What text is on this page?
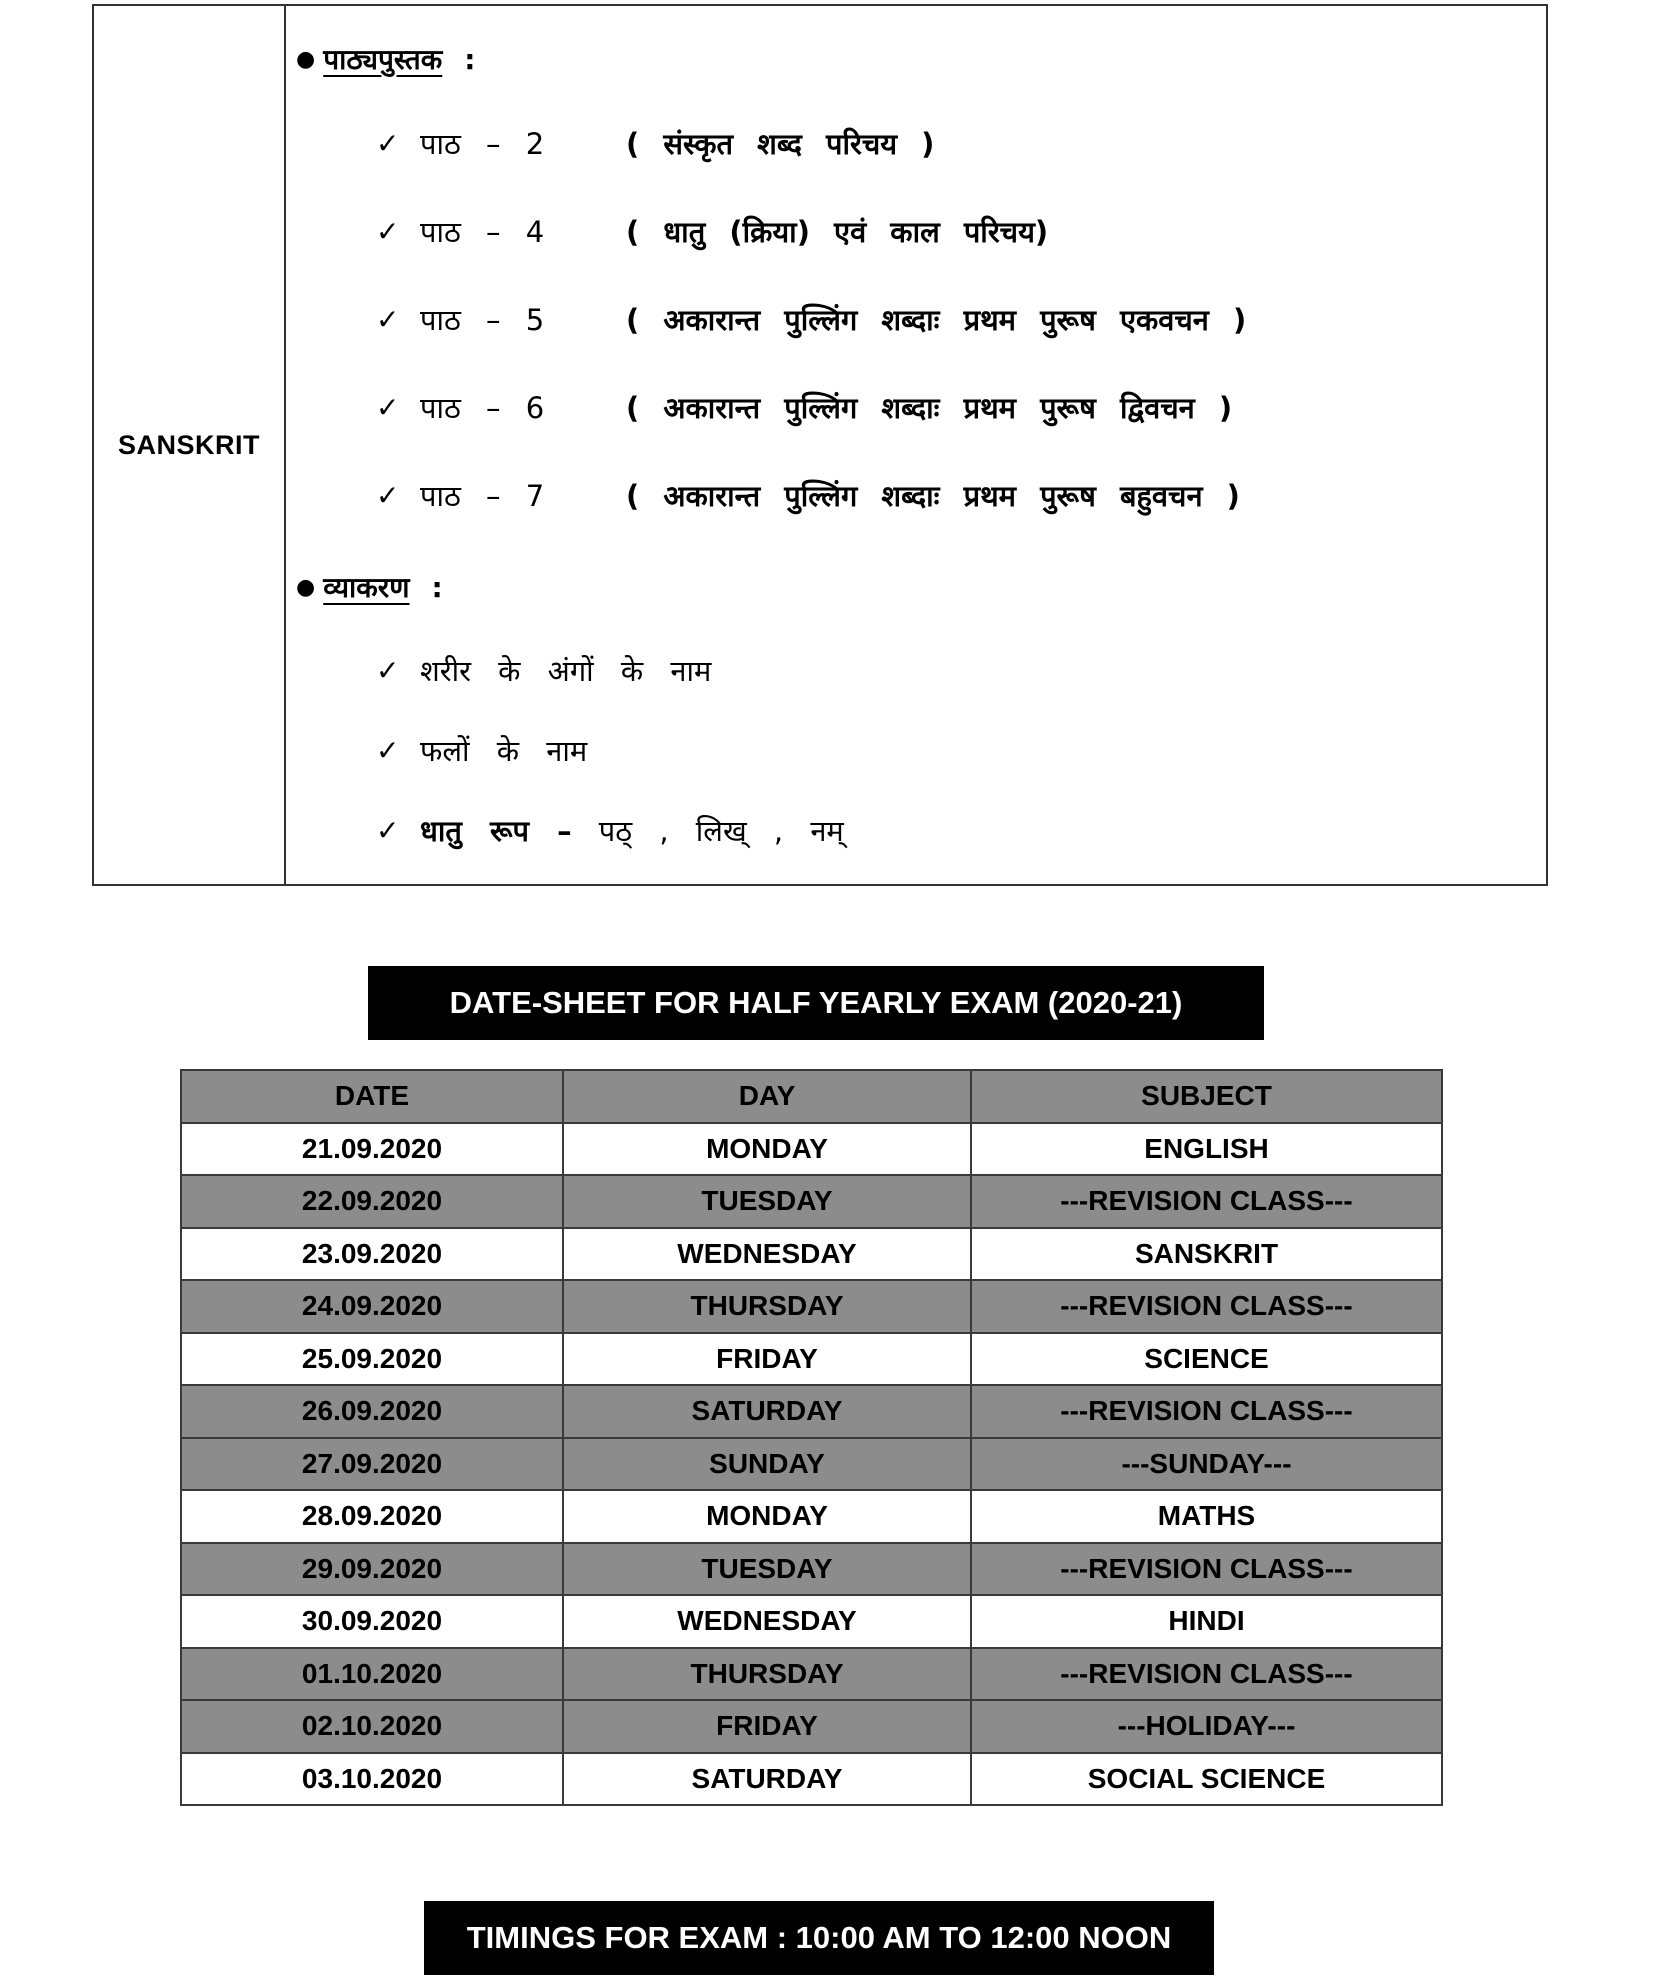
SANSKRIT
● पाठ्यपुस्तक :
✓ पाठ – 2	( संस्कृत शब्द परिचय )
✓ पाठ – 4	( धातु (क्रिया) एवं काल परिचय)
✓ पाठ – 5	( अकारान्त पुल्लिंग शब्दाः प्रथम पुरूष एकवचन )
✓ पाठ – 6	( अकारान्त पुल्लिंग शब्दाः प्रथम पुरूष द्विवचन )
✓ पाठ – 7	( अकारान्त पुल्लिंग शब्दाः प्रथम पुरूष बहुवचन )
● व्याकरण :
✓ शरीर के अंगों के नाम
✓ फलों के नाम
✓ धातु रूप – पठ् , लिख् , नम्
DATE-SHEET FOR HALF YEARLY EXAM (2020-21)
DATE	DAY	SUBJECT
21.09.2020	MONDAY	ENGLISH
22.09.2020	TUESDAY	---REVISION CLASS---
23.09.2020	WEDNESDAY	SANSKRIT
24.09.2020	THURSDAY	---REVISION CLASS---
25.09.2020	FRIDAY	SCIENCE
26.09.2020	SATURDAY	---REVISION CLASS---
27.09.2020	SUNDAY	---SUNDAY---
28.09.2020	MONDAY	MATHS
29.09.2020	TUESDAY	---REVISION CLASS---
30.09.2020	WEDNESDAY	HINDI
01.10.2020	THURSDAY	---REVISION CLASS---
02.10.2020	FRIDAY	---HOLIDAY---
03.10.2020	SATURDAY	SOCIAL SCIENCE
TIMINGS FOR EXAM : 10:00 AM TO 12:00 NOON
